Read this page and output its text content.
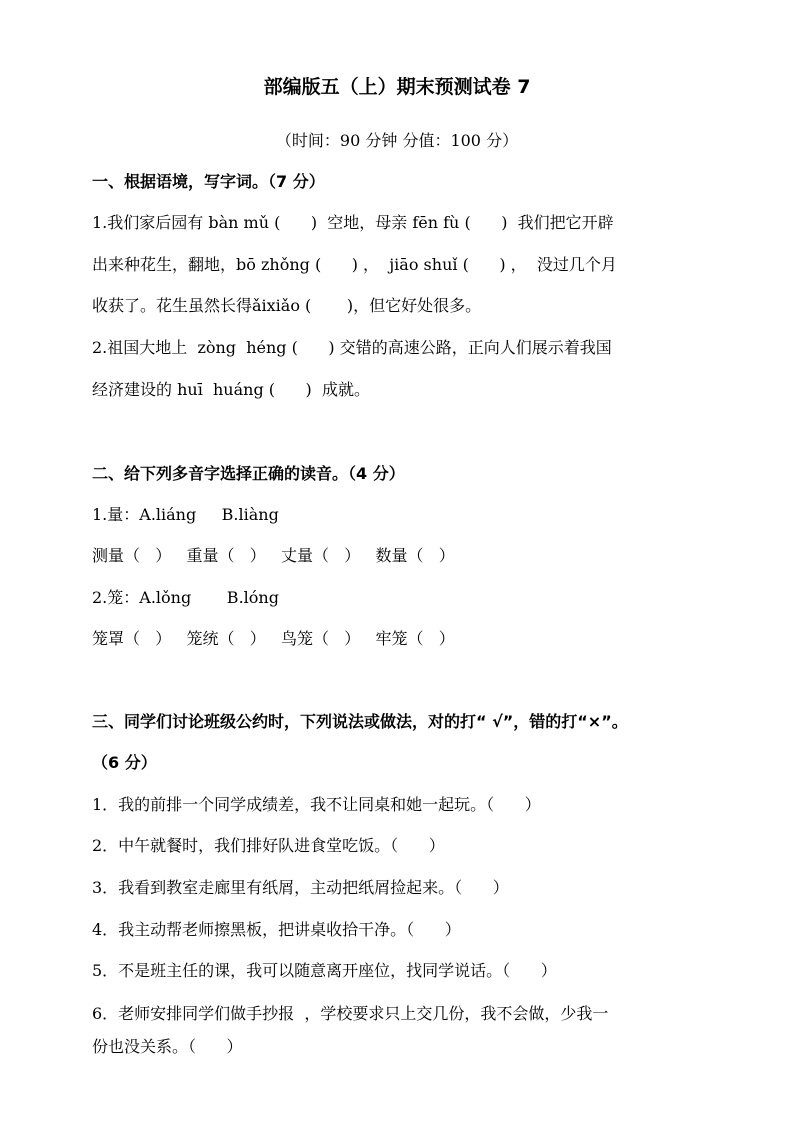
部编版五（上）期末预测试卷 7
（时间：90 分钟 分值：100 分）
一、根据语境，写字词。（7 分）
1.我们家后园有 bàn mǔ (      )  空地，母亲 fēn fù (      )  我们把它开辟
出来种花生，翻地，bō zhǒng (      ) ，  jiāo shuǐ (      ) ，  没过几个月
收获了。花生虽然长得ǎixiǎo (       )，但它好处很多。
2.祖国大地上  zòng  héng (      ) 交错的高速公路，正向人们展示着我国
经济建设的 huī  huáng (      )  成就。
二、给下列多音字选择正确的读音。（4 分）
1.量：A.liáng     B.liàng
测量（   ）   重量（   ）   丈量（   ）   数量（   ）
2.笼：A.lǒng       B.lóng
笼罩（   ）   笼统（   ）   鸟笼（   ）   牢笼（   ）
三、同学们讨论班级公约时，下列说法或做法，对的打“ √”，错的打“×”。
（6 分）
1．我的前排一个同学成绩差，我不让同桌和她一起玩。（      ）
2．中午就餐时，我们排好队进食堂吃饭。（      ）
3．我看到教室走廊里有纸屑，主动把纸屑捡起来。（      ）
4．我主动帮老师擦黑板，把讲桌收拾干净。（      ）
5．不是班主任的课，我可以随意离开座位，找同学说话。（      ）
6．老师安排同学们做手抄报  ，学校要求只上交几份，我不会做，少我一
份也没关系。（      ）
